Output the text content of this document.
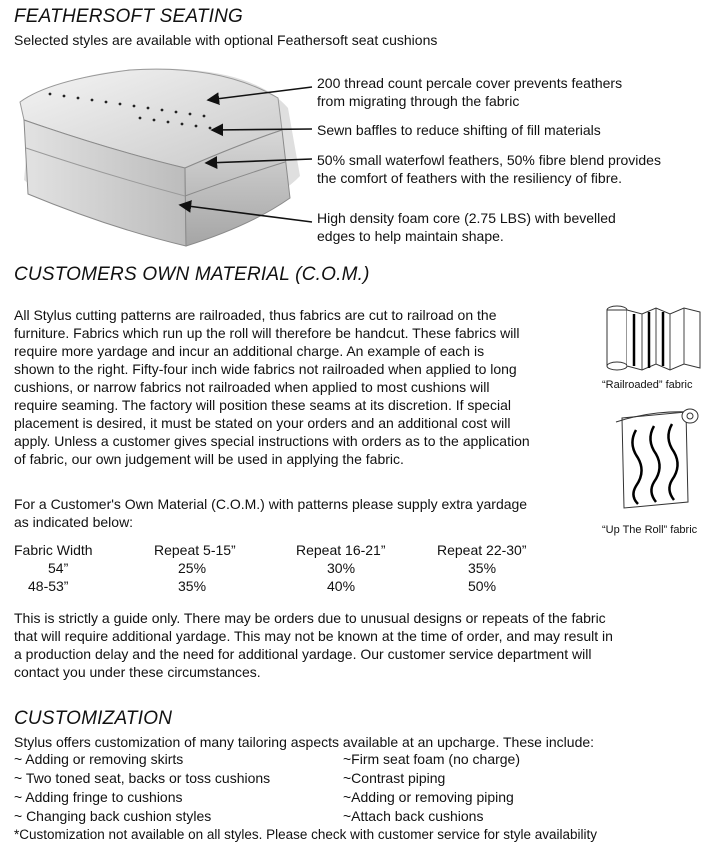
FEATHERSOFT SEATING
Selected styles are available with optional Feathersoft seat cushions
200 thread count percale cover prevents feathers
from migrating through the fabric
Sewn baffles to reduce shifting of fill materials
50% small waterfowl feathers, 50% fibre blend provides
the comfort of feathers with the resiliency of fibre.
High density foam core (2.75 LBS) with bevelled
edges to help maintain shape.
CUSTOMERS OWN MATERIAL (C.O.M.)
All Stylus cutting patterns are railroaded, thus fabrics are cut to railroad on the
furniture. Fabrics which run up the roll will therefore be handcut. These fabrics will
require more yardage and incur an additional charge. An example of each is
shown to the right. Fifty-four inch wide fabrics not railroaded when applied to long
cushions, or narrow fabrics not railroaded when applied to most cushions will
require seaming. The factory will position these seams at its discretion. If special
placement is desired, it must be stated on your orders and an additional cost will
apply. Unless a customer gives special instructions with orders as to the application
of fabric, our own judgement will be used in applying the fabric.
“Railroaded” fabric
“Up The Roll” fabric
For a Customer's Own Material (C.O.M.) with patterns please supply extra yardage
as indicated below:
Fabric Width	Repeat 5-15”	Repeat 16-21”	Repeat 22-30”
54”	25%	30%	35%
48-53”	35%	40%	50%
This is strictly a guide only. There may be orders due to unusual designs or repeats of the fabric
that will require additional yardage. This may not be known at the time of order, and may result in
a production delay and the need for additional yardage. Our customer service department will
contact you under these circumstances.
CUSTOMIZATION
Stylus offers customization of many tailoring aspects available at an upcharge. These include:
~ Adding or removing skirts
~ Two toned seat, backs or toss cushions
~ Adding fringe to cushions
~ Changing back cushion styles
~Firm seat foam (no charge)
~Contrast piping
~Adding or removing piping
~Attach back cushions
*Customization not available on all styles. Please check with customer service for style availability
